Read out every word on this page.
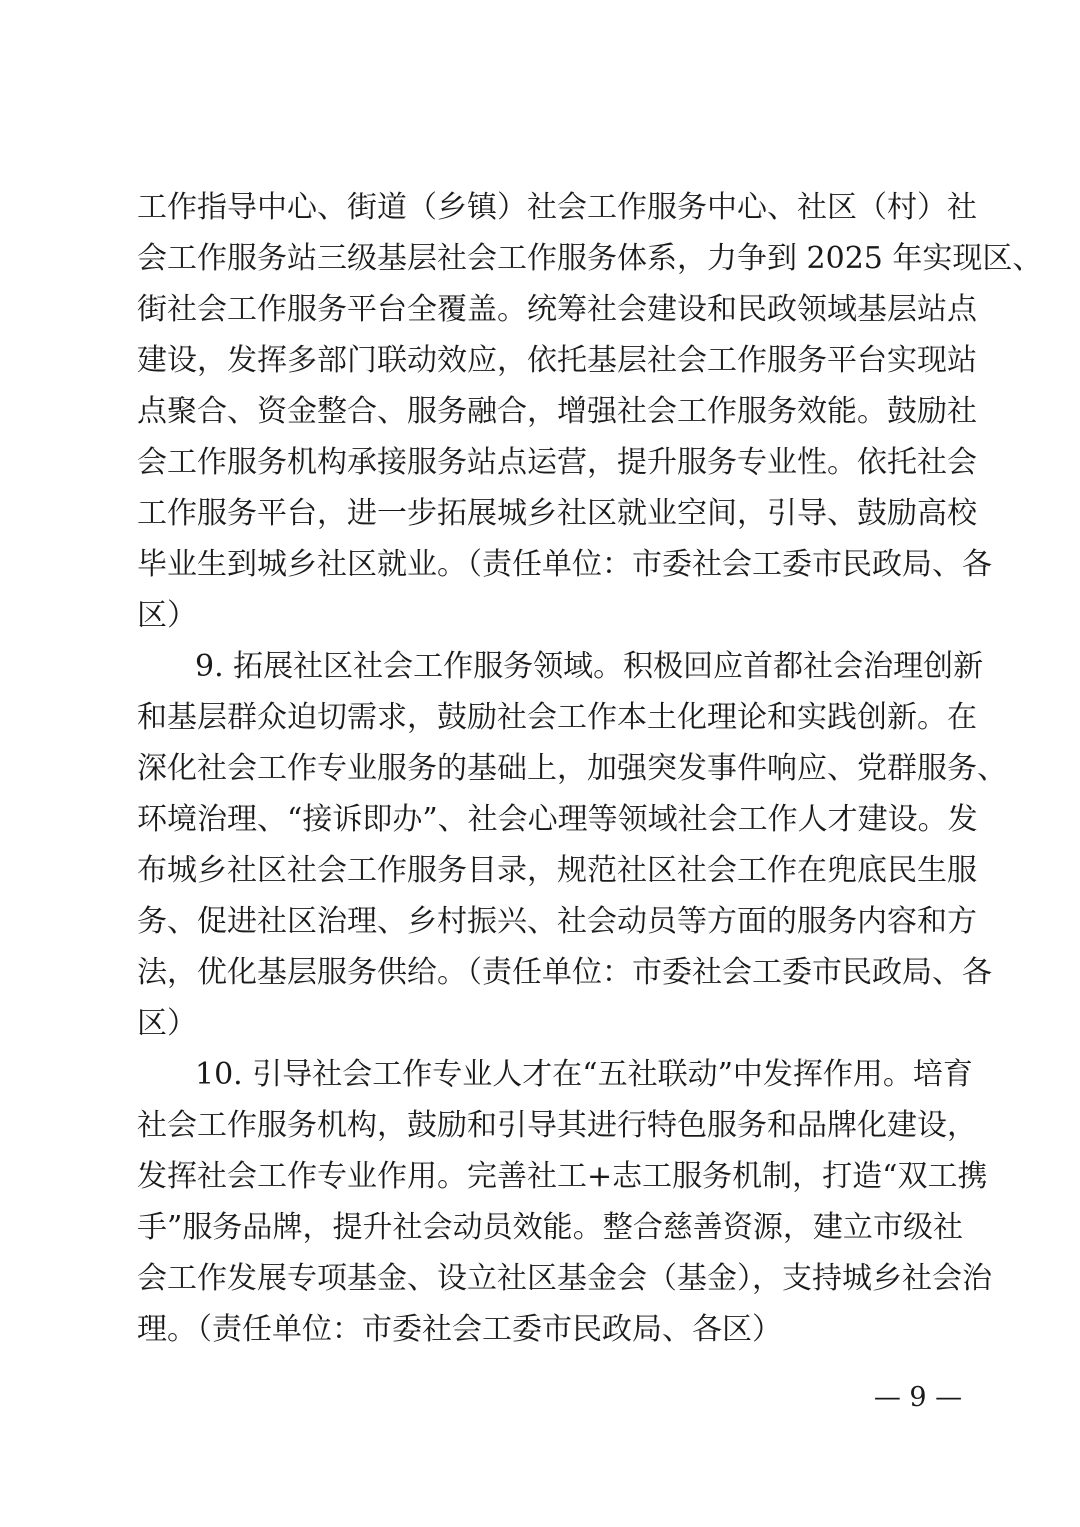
工作指导中心、街道（乡镇）社会工作服务中心、社区（村）社
会工作服务站三级基层社会工作服务体系，力争到 2025 年实现区、
街社会工作服务平台全覆盖。统筹社会建设和民政领域基层站点
建设，发挥多部门联动效应，依托基层社会工作服务平台实现站
点聚合、资金整合、服务融合，增强社会工作服务效能。鼓励社
会工作服务机构承接服务站点运营，提升服务专业性。依托社会
工作服务平台，进一步拓展城乡社区就业空间，引导、鼓励高校
毕业生到城乡社区就业。（责任单位：市委社会工委市民政局、各
区）
9. 拓展社区社会工作服务领域。积极回应首都社会治理创新
和基层群众迫切需求，鼓励社会工作本土化理论和实践创新。在
深化社会工作专业服务的基础上，加强突发事件响应、党群服务、
环境治理、“接诉即办”、社会心理等领域社会工作人才建设。发
布城乡社区社会工作服务目录，规范社区社会工作在兜底民生服
务、促进社区治理、乡村振兴、社会动员等方面的服务内容和方
法，优化基层服务供给。（责任单位：市委社会工委市民政局、各
区）
10. 引导社会工作专业人才在“五社联动”中发挥作用。培育
社会工作服务机构，鼓励和引导其进行特色服务和品牌化建设，
发挥社会工作专业作用。完善社工+志工服务机制，打造“双工携
手”服务品牌，提升社会动员效能。整合慈善资源，建立市级社
会工作发展专项基金、设立社区基金会（基金），支持城乡社会治
理。（责任单位：市委社会工委市民政局、各区）
— 9 —
